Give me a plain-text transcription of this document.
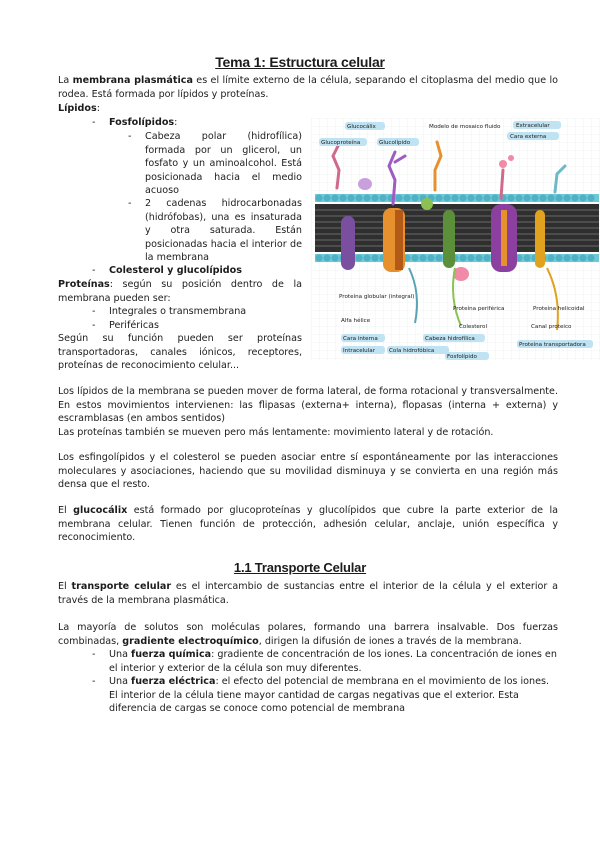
Tema 1: Estructura celular
La membrana plasmática es el límite externo de la célula, separando el citoplasma del medio que lo rodea. Está formada por lípidos y proteínas.
Lípidos:
- Fosfolípidos:
- Cabeza polar (hidrofílica) formada por un glicerol, un fosfato y un aminoalcohol. Está posicionada hacia el medio acuoso
- 2 cadenas hidrocarbonadas (hidrófobas), una es insaturada y otra saturada. Están posicionadas hacia el interior de la membrana
- Colesterol y glucolípidos
Proteínas: según su posición dentro de la membrana pueden ser:
- Integrales o transmembrana
- Periféricas
Según su función pueden ser proteínas transportadoras, canales iónicos, receptores, proteínas de reconocimiento celular...
Glucocálix
Glucoproteína	Glucolípido
Modelo de mosaico fluido	Extracelular
Cara externa
Proteína globular (integral)
Alfa hélice
Proteína periférica	Proteína helicoidal
Colesterol	Canal proteico
Cara interna	Cabeza hidrofílica
Intracelular Cola hidrofóbica
Proteína transportadora
Fosfolípido
Los lípidos de la membrana se pueden mover de forma lateral, de forma rotacional y transversalmente. En estos movimientos intervienen: las flipasas (externa+ interna), flopasas (interna + externa) y escramblasas (en ambos sentidos)
Las proteínas también se mueven pero más lentamente: movimiento lateral y de rotación.
Los esfingolípidos y el colesterol se pueden asociar entre sí espontáneamente por las interacciones moleculares y asociaciones, haciendo que su movilidad disminuya y se convierta en una región más densa que el resto.
El glucocálix está formado por glucoproteínas y glucolípidos que cubre la parte exterior de la membrana celular. Tienen función de protección, adhesión celular, anclaje, unión específica y reconocimiento.
1.1 Transporte Celular
El transporte celular es el intercambio de sustancias entre el interior de la célula y el exterior a través de la membrana plasmática.
La mayoría de solutos son moléculas polares, formando una barrera insalvable. Dos fuerzas combinadas, gradiente electroquímico, dirigen la difusión de iones a través de la membrana.
- Una fuerza química: gradiente de concentración de los iones. La concentración de iones en el interior y exterior de la célula son muy diferentes.
- Una fuerza eléctrica: el efecto del potencial de membrana en el movimiento de los iones. El interior de la célula tiene mayor cantidad de cargas negativas que el exterior. Esta diferencia de cargas se conoce como potencial de membrana
